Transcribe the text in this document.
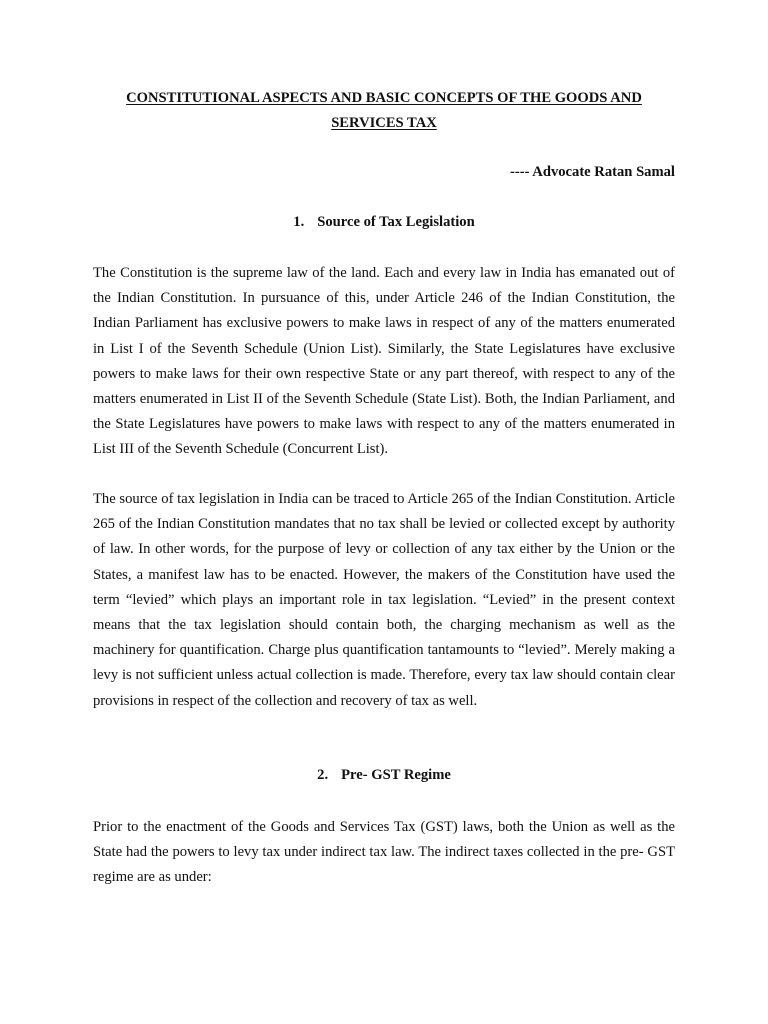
CONSTITUTIONAL ASPECTS AND BASIC CONCEPTS OF THE GOODS AND SERVICES TAX

---- Advocate Ratan Samal

1. Source of Tax Legislation

The Constitution is the supreme law of the land. Each and every law in India has emanated out of the Indian Constitution. In pursuance of this, under Article 246 of the Indian Constitution, the Indian Parliament has exclusive powers to make laws in respect of any of the matters enumerated in List I of the Seventh Schedule (Union List). Similarly, the State Legislatures have exclusive powers to make laws for their own respective State or any part thereof, with respect to any of the matters enumerated in List II of the Seventh Schedule (State List). Both, the Indian Parliament, and the State Legislatures have powers to make laws with respect to any of the matters enumerated in List III of the Seventh Schedule (Concurrent List).

The source of tax legislation in India can be traced to Article 265 of the Indian Constitution. Article 265 of the Indian Constitution mandates that no tax shall be levied or collected except by authority of law. In other words, for the purpose of levy or collection of any tax either by the Union or the States, a manifest law has to be enacted. However, the makers of the Constitution have used the term “levied” which plays an important role in tax legislation. “Levied” in the present context means that the tax legislation should contain both, the charging mechanism as well as the machinery for quantification. Charge plus quantification tantamounts to “levied”. Merely making a levy is not sufficient unless actual collection is made. Therefore, every tax law should contain clear provisions in respect of the collection and recovery of tax as well.

2. Pre- GST Regime

Prior to the enactment of the Goods and Services Tax (GST) laws, both the Union as well as the State had the powers to levy tax under indirect tax law. The indirect taxes collected in the pre- GST regime are as under:
